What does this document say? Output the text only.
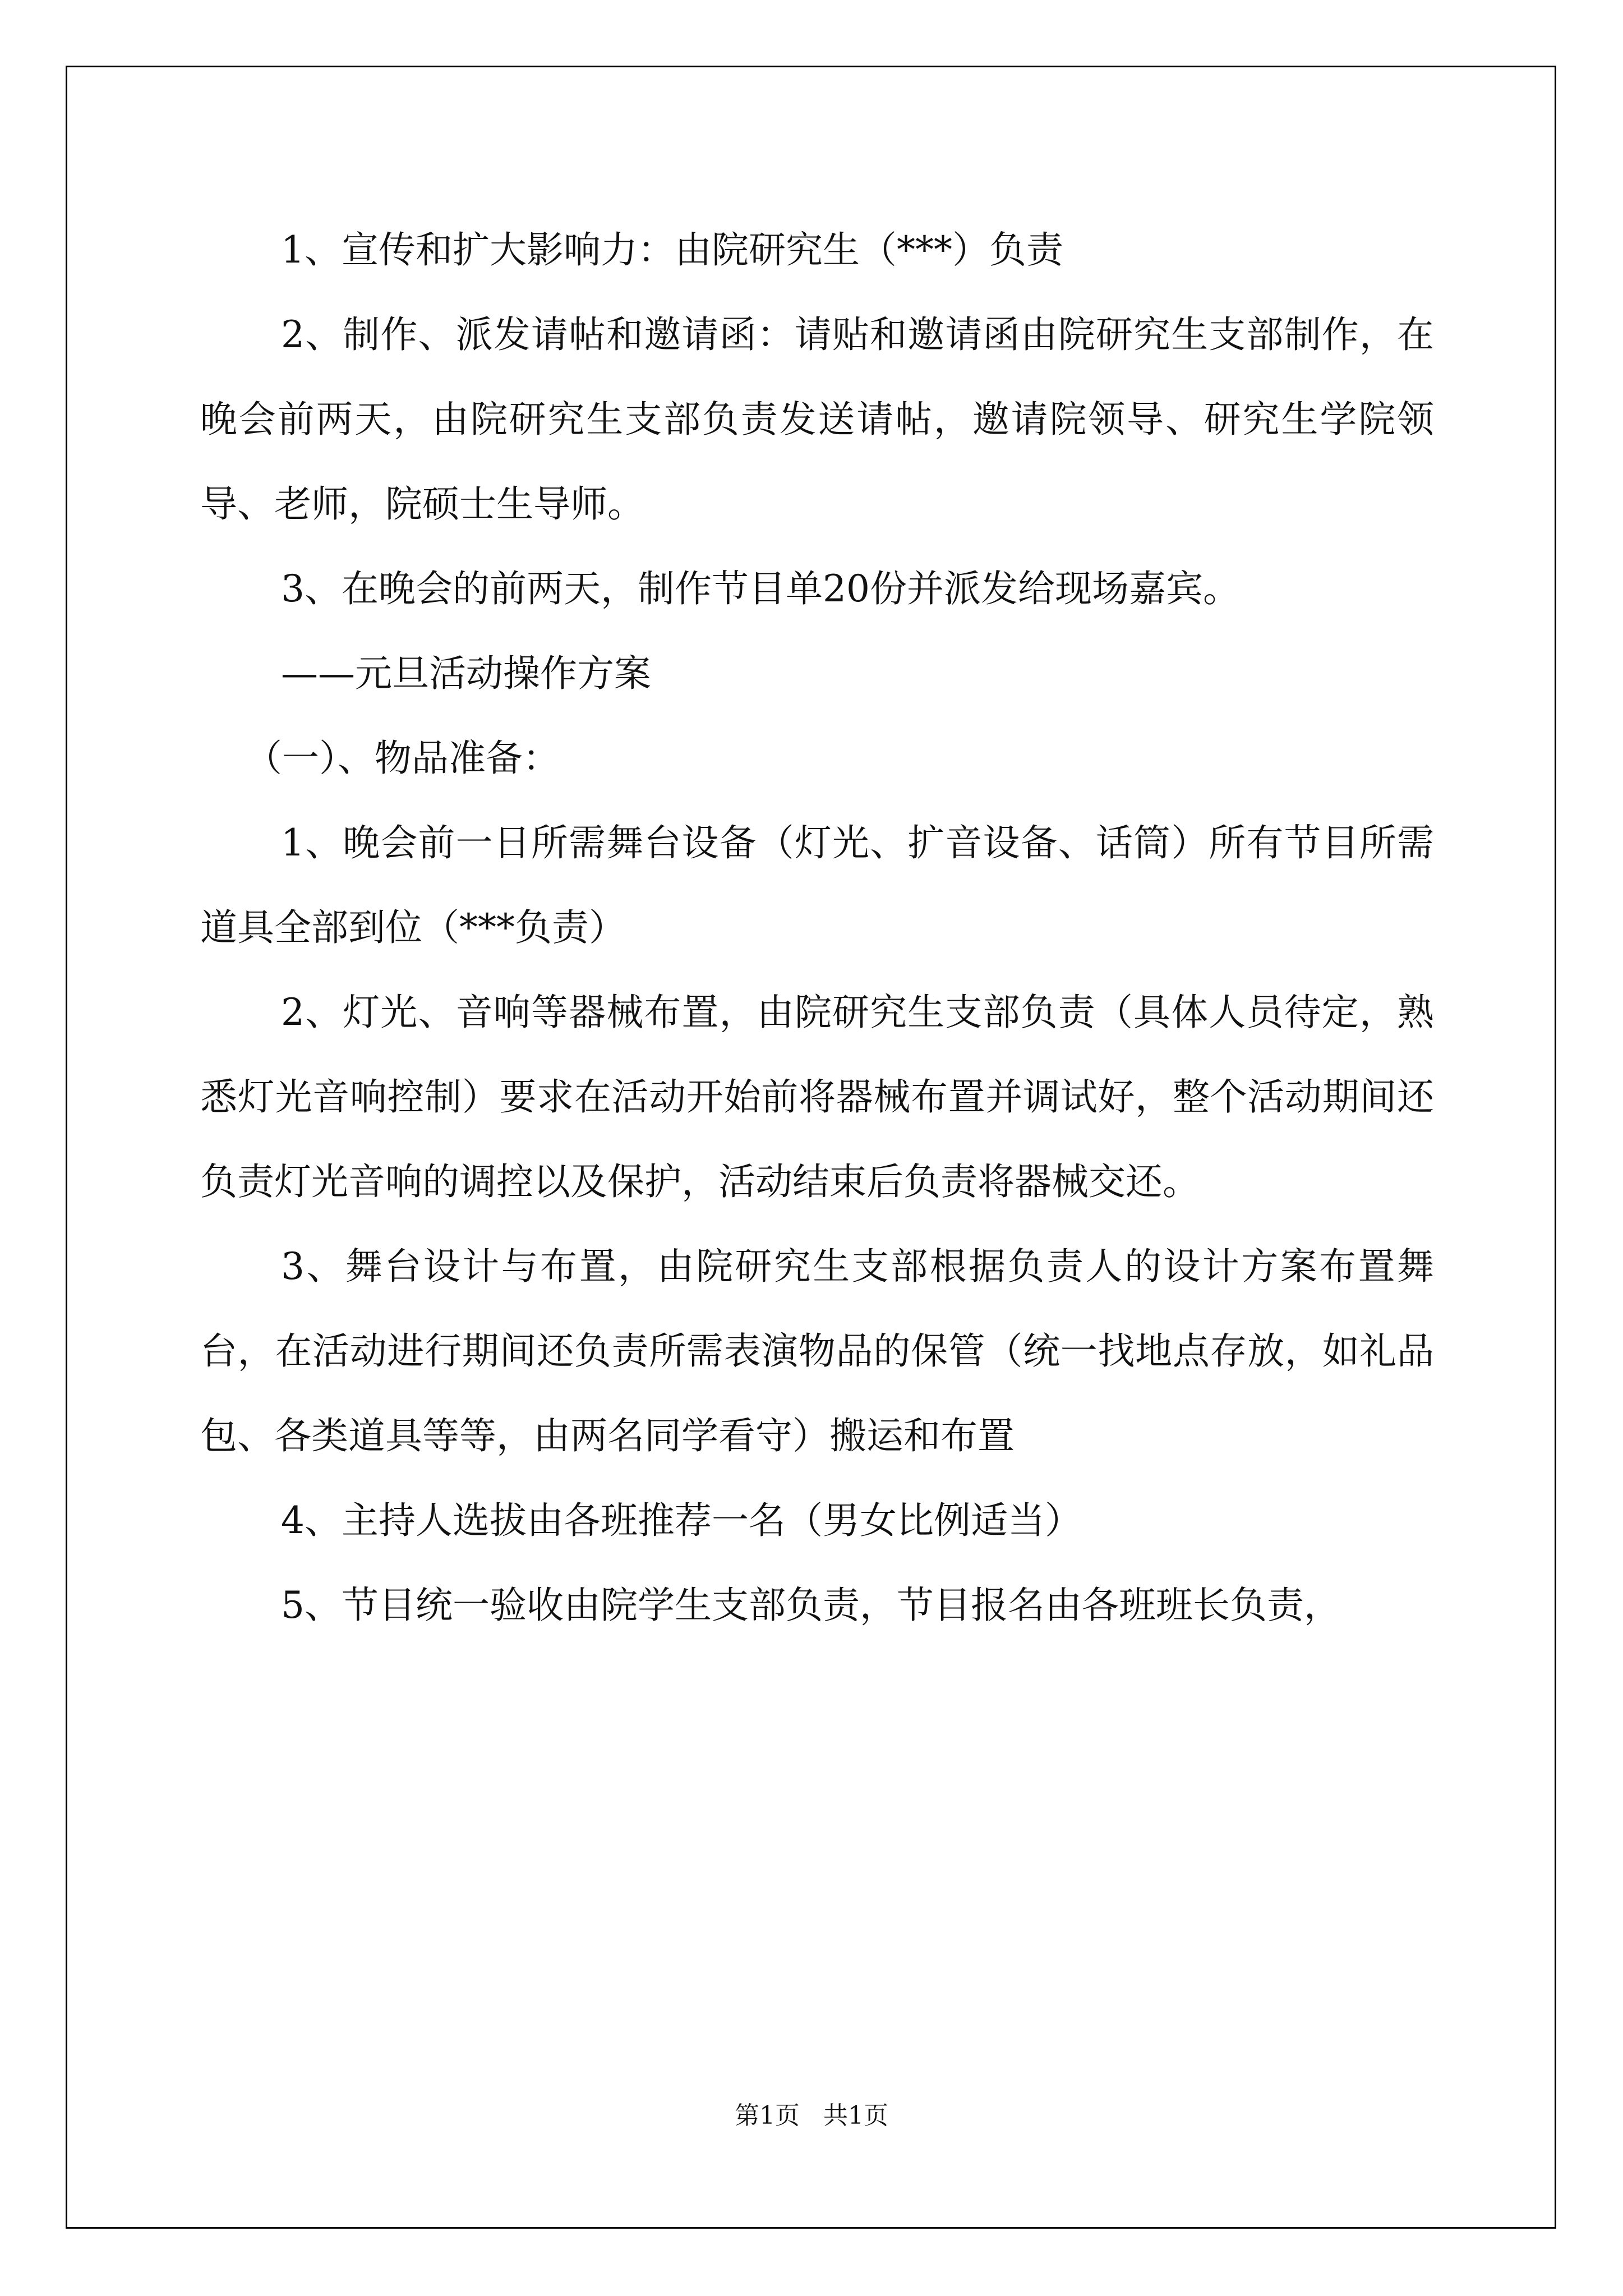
1、宣传和扩大影响力：由院研究生（***）负责

2、制作、派发请帖和邀请函：请贴和邀请函由院研究生支部制作，在晚会前两天，由院研究生支部负责发送请帖，邀请院领导、研究生学院领导、老师，院硕士生导师。

3、在晚会的前两天，制作节目单20份并派发给现场嘉宾。

——元旦活动操作方案

（一）、物品准备：

1、晚会前一日所需舞台设备（灯光、扩音设备、话筒）所有节目所需道具全部到位（***负责）

2、灯光、音响等器械布置，由院研究生支部负责（具体人员待定，熟悉灯光音响控制）要求在活动开始前将器械布置并调试好，整个活动期间还负责灯光音响的调控以及保护，活动结束后负责将器械交还。

3、舞台设计与布置，由院研究生支部根据负责人的设计方案布置舞台，在活动进行期间还负责所需表演物品的保管（统一找地点存放，如礼品包、各类道具等等，由两名同学看守）搬运和布置

4、主持人选拔由各班推荐一名（男女比例适当）

5、节目统一验收由院学生支部负责，节目报名由各班班长负责，

第1页 共1页
